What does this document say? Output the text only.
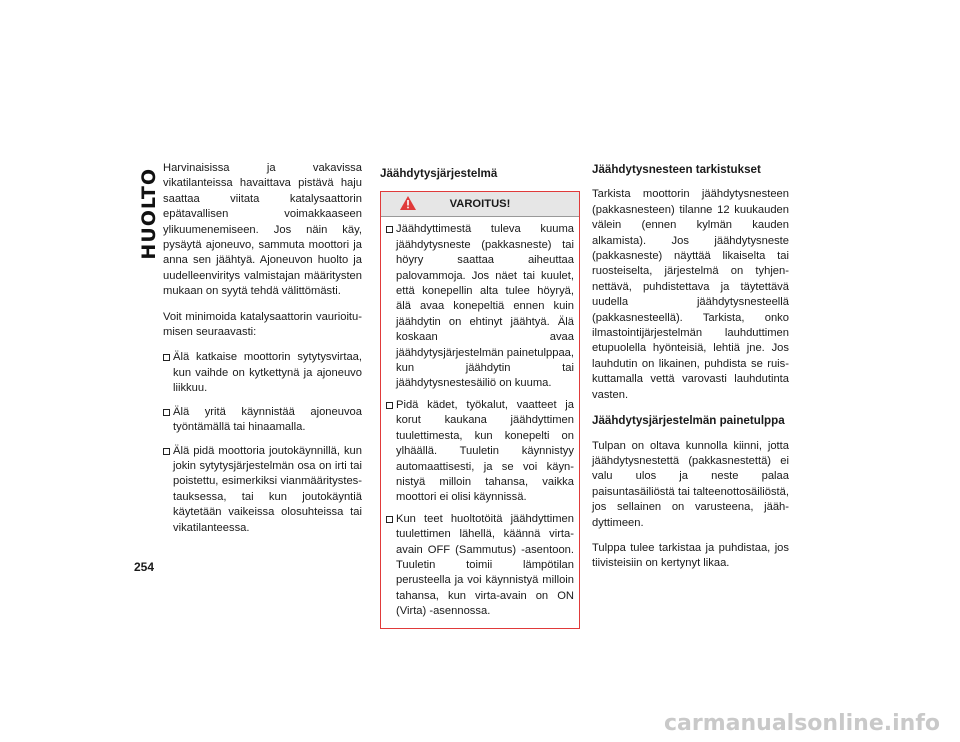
HUOLTO Harvinaisissa ja vakavissa vikatilanteissa havaittava pistävä haju saattaa viitata katalysaattorin epätavallisen voimakkaaseen ylikuumenemiseen. Jos näin käy, pysäytä ajoneuvo, sammuta moottori ja anna sen jäähtyä. Ajoneuvon huolto ja uudelleenviritys valmistajan määritysten mukaan on syytä tehdä välittömästi.

Voit minimoida katalysaattorin vaurioitumisen seuraavasti:

Älä katkaise moottorin sytytysvirtaa, kun vaihde on kytkettynä ja ajoneuvo liikkuu.
Älä yritä käynnistää ajoneuvoa työntämällä tai hinaamalla.
Älä pidä moottoria joutokäynnillä, kun jokin sytytysjärjestelmän osa on irti tai poistettu, esimerkiksi vianmääritystestauksessa, tai kun joutokäyntiä käytetään vaikeissa olosuhteissa tai vikatilanteessa.
Jäähdytysjärjestelmä
VAROITUS!
Jäähdyttimestä tuleva kuuma jäähdytysneste (pakkasneste) tai höyry saattaa aiheuttaa palovammoja. Jos näet tai kuulet, että konepellin alta tulee höyryä, älä avaa konepeltiä ennen kuin jäähdytin on ehtinyt jäähtyä. Älä koskaan avaa jäähdytysjärjestelmän painetulppaa, kun jäähdytin tai jäähdytysnestesäiliö on kuuma.
Pidä kädet, työkalut, vaatteet ja korut kaukana jäähdyttimen tuulettimesta, kun konepelti on ylhäällä. Tuuletin käynnistyy automaattisesti, ja se voi käynnistyä milloin tahansa, vaikka moottori ei olisi käynnissä.
Kun teet huoltotöitä jäähdyttimen tuulettimen lähellä, käännä virta-avain OFF (Sammutus) -asentoon. Tuuletin toimii lämpötilan perusteella ja voi käynnistyä milloin tahansa, kun virta-avain on ON (Virta) -asennossa.
Jäähdytysnesteen tarkistukset

Tarkista moottorin jäähdytysnesteen (pakkasnesteen) tilanne 12 kuukauden välein (ennen kylmän kauden alkamista). Jos jäähdytysneste (pakkasneste) näyttää likaiselta tai ruosteiselta, järjestelmä on tyhjennettävä, puhdistettava ja täytettävä uudella jäähdytysnesteellä (pakkasnesteellä). Tarkista, onko ilmastointijärjestelmän lauhduttimen etupuolella hyönteisiä, lehtiä jne. Jos lauhdutin on likainen, puhdista se ruiskuttamalla vettä varovasti lauhdutinta vasten.

Jäähdytysjärjestelmän painetulppa

Tulpan on oltava kunnolla kiinni, jotta jäähdytysnestettä (pakkasnestettä) ei valu ulos ja neste palaa paisuntasäiliöstä tai talteenottosäiliöstä, jos sellainen on varusteena, jäähdyttimeen.

Tulppa tulee tarkistaa ja puhdistaa, jos tiivisteisiin on kertynyt likaa.

254
carmanualsonline.info
